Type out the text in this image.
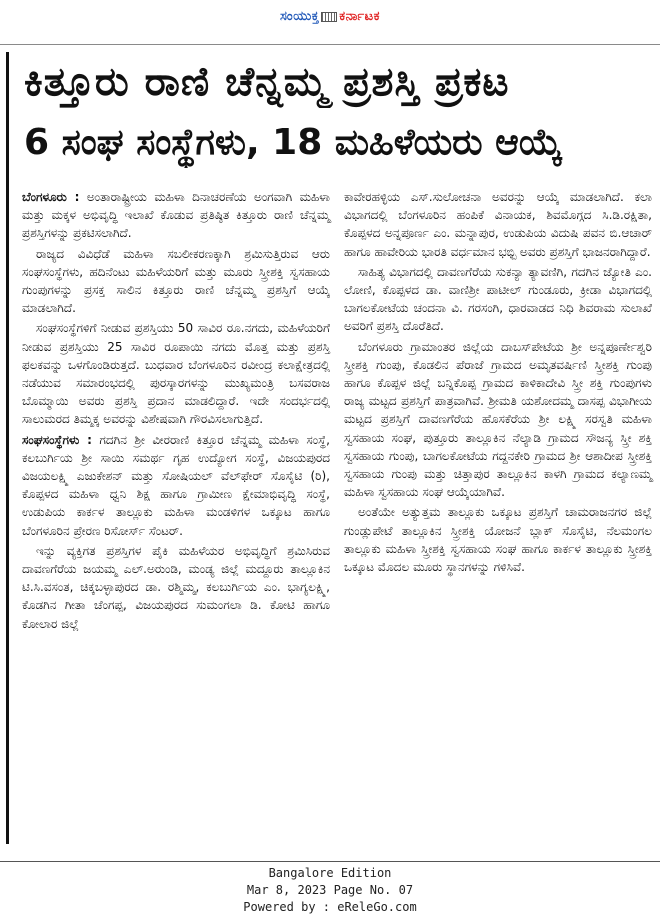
ಸಂಯುಕ್ತ ಕರ್ನಾಟಕ
ಕಿತ್ತೂರು ರಾಣಿ ಚೆನ್ನಮ್ಮ ಪ್ರಶಸ್ತಿ ಪ್ರಕಟ
6 ಸಂಘ ಸಂಸ್ಥೆಗಳು, 18 ಮಹಿಳೆಯರು ಆಯ್ಕೆ

ಬೆಂಗಳೂರು : ಅಂತಾರಾಷ್ಟ್ರೀಯ ಮಹಿಳಾ ದಿನಾಚರಣೆಯ ಅಂಗವಾಗಿ ಮಹಿಳಾ ಮತ್ತು ಮಕ್ಕಳ ಅಭಿವೃದ್ಧಿ ಇಲಾಖೆ ಕೊಡುವ ಪ್ರತಿಷ್ಠಿತ ಕಿತ್ತೂರು ರಾಣಿ ಚೆನ್ನಮ್ಮ ಪ್ರಶಸ್ತಿಗಳನ್ನು ಪ್ರಕಟಿಸಲಾಗಿದೆ.

ರಾಜ್ಯದ ವಿವಿಧೆಡೆ ಮಹಿಳಾ ಸಬಲೀಕರಣಕ್ಕಾಗಿ ಶ್ರಮಿಸುತ್ತಿರುವ ಆರು ಸಂಘಸಂಸ್ಥೆಗಳು, ಹದಿನೆಂಟು ಮಹಿಳೆಯರಿಗೆ ಮತ್ತು ಮೂರು ಸ್ತ್ರೀಶಕ್ತಿ ಸ್ವಸಹಾಯ ಗುಂಪುಗಳನ್ನು ಪ್ರಸಕ್ತ ಸಾಲಿನ ಕಿತ್ತೂರು ರಾಣಿ ಚೆನ್ನಮ್ಮ ಪ್ರಶಸ್ತಿಗೆ ಆಯ್ಕೆ ಮಾಡಲಾಗಿದೆ.

ಸಂಘಸಂಸ್ಥೆಗಳಿಗೆ ನೀಡುವ ಪ್ರಶಸ್ತಿಯು 50 ಸಾವಿರ ರೂ.ನಗದು, ಮಹಿಳೆಯರಿಗೆ ನೀಡುವ ಪ್ರಶಸ್ತಿಯು 25 ಸಾವಿರ ರೂಪಾಯಿ ನಗದು ಮೊತ್ತ ಮತ್ತು ಪ್ರಶಸ್ತಿ ಫಲಕವನ್ನು ಒಳಗೊಂಡಿರುತ್ತದೆ. ಬುಧವಾರ ಬೆಂಗಳೂರಿನ ರವೀಂದ್ರ ಕಲಾಕ್ಷೇತ್ರದಲ್ಲಿ ನಡೆಯುವ ಸಮಾರಂಭದಲ್ಲಿ ಪುರಸ್ಕಾರಗಳನ್ನು ಮುಖ್ಯಮಂತ್ರಿ ಬಸವರಾಜ ಬೊಮ್ಮಾಯಿ ಅವರು ಪ್ರಶಸ್ತಿ ಪ್ರದಾನ ಮಾಡಲಿದ್ದಾರೆ. ಇದೇ ಸಂದರ್ಭದಲ್ಲಿ ಸಾಲುಮರದ ತಿಮ್ಮಕ್ಕ ಅವರನ್ನು ವಿಶೇಷವಾಗಿ ಗೌರವಿಸಲಾಗುತ್ತಿದೆ.

ಸಂಘಸಂಸ್ಥೆಗಳು : ಗದಗಿನ ಶ್ರೀ ವೀರರಾಣಿ ಕಿತ್ತೂರ ಚೆನ್ನಮ್ಮ ಮಹಿಳಾ ಸಂಸ್ಥೆ, ಕಲಬುರ್ಗಿಯ ಶ್ರೀ ಸಾಯಿ ಸಮರ್ಥ ಗೃಹ ಉದ್ಯೋಗ ಸಂಸ್ಥೆ, ವಿಜಯಪುರದ ವಿಜಯಲಕ್ಷ್ಮಿ ಎಜುಕೇಶನ್ ಮತ್ತು ಸೋಷಿಯಲ್ ವೆಲ್‌ಫೇರ್ ಸೊಸೈಟಿ (ರಿ), ಕೊಪ್ಪಳದ ಮಹಿಳಾ ಧ್ವನಿ ಶಿಕ್ಷ ಹಾಗೂ ಗ್ರಾಮೀಣ ಕ್ಷೇಮಾಭಿವೃದ್ಧಿ ಸಂಸ್ಥೆ, ಉಡುಪಿಯ ಕಾರ್ಕಳ ತಾಲ್ಲೂಕು ಮಹಿಳಾ ಮಂಡಳಿಗಳ ಒಕ್ಕೂಟ ಹಾಗೂ ಬೆಂಗಳೂರಿನ ಪ್ರೇರಣ ರಿಸೋರ್ಸ್ ಸೆಂಟರ್.

ಇನ್ನು ವ್ಯಕ್ತಿಗತ ಪ್ರಶಸ್ತಿಗಳ ಪೈಕಿ ಮಹಿಳೆಯರ ಅಭಿವೃದ್ಧಿಗೆ ಶ್ರಮಿಸಿರುವ ದಾವಣಗೆರೆಯ ಜಯಮ್ಮ ಎಲ್.ಅರುಂಡಿ, ಮಂಡ್ಯ ಜಿಲ್ಲೆ ಮದ್ದೂರು ತಾಲ್ಲೂಕಿನ ಟಿ.ಸಿ.ವಸಂತ, ಚಿಕ್ಕಬಳ್ಳಾಪುರದ ಡಾ. ರಶ್ಮಿಮ್ಮ, ಕಲಬುರ್ಗಿಯ ಎಂ. ಭಾಗ್ಯಲಕ್ಷ್ಮಿ, ಕೊಡಗಿನ ಗೀತಾ ಚೆಂಗಪ್ಪ, ವಿಜಯಪುರದ ಸುಮಂಗಲಾ ಡಿ. ಕೋಟಿ ಹಾಗೂ ಕೋಲಾರ ಜಿಲ್ಲೆ

ಕಾವೇರಹಳ್ಳಿಯ ಎಸ್.ಸುಲೋಚನಾ ಅವರನ್ನು ಆಯ್ಕೆ ಮಾಡಲಾಗಿದೆ. ಕಲಾ ವಿಭಾಗದಲ್ಲಿ ಬೆಂಗಳೂರಿನ ಹಂಪಿಕೆ ವಿನಾಯಕ, ಶಿವಮೊಗ್ಗದ ಸಿ.ಡಿ.ರಕ್ಷಿತಾ, ಕೊಪ್ಪಳದ ಅನ್ನಪೂರ್ಣ ಎಂ. ಮನ್ನಾಪುರ, ಉಡುಪಿಯ ವಿದುಷಿ ಪವನ ಬಿ.ಆಚಾರ್ ಹಾಗೂ ಹಾವೇರಿಯ ಭಾರತಿ ವರ್ಧಮಾನ ಭಭ್ಬಿ ಅವರು ಪ್ರಶಸ್ತಿಗೆ ಭಾಜನರಾಗಿದ್ದಾರೆ.

ಸಾಹಿತ್ಯ ವಿಭಾಗದಲ್ಲಿ ದಾವಣಗೆರೆಯ ಸುಕನ್ಯಾ ತ್ಯಾವಣಿಗಿ, ಗದಗಿನ ಜ್ಯೋತಿ ಎಂ. ಲೋಣಿ, ಕೊಪ್ಪಳದ ಡಾ. ವಾಣಿಶ್ರೀ ಪಾಟೀಲ್ ಗುಂಡೂರು, ಕ್ರೀಡಾ ವಿಭಾಗದಲ್ಲಿ ಬಾಗಲಕೋಟೆಯ ಚಂದನಾ ವಿ. ಗರಸಂಗಿ, ಧಾರವಾಡದ ನಿಧಿ ಶಿವರಾಮ ಸುಲಾಖೆ ಅವರಿಗೆ ಪ್ರಶಸ್ತಿ ದೊರೆತಿದೆ.

ಬೆಂಗಳೂರು ಗ್ರಾಮಾಂತರ ಜಿಲ್ಲೆಯ ದಾಬಸ್‌ಪೇಟೆಯ ಶ್ರೀ ಅನ್ನಪೂರ್ಣೇಶ್ವರಿ ಸ್ತ್ರೀಶಕ್ತಿ ಗುಂಪು, ಕೊಡಲಿನ ಪೆರಾಜೆ ಗ್ರಾಮದ ಅಮೃತವರ್ಷಿಣಿ ಸ್ತ್ರೀಶಕ್ತಿ ಗುಂಪು ಹಾಗೂ ಕೊಪ್ಪಳ ಜಿಲ್ಲೆ ಬನ್ನಿಕೊಪ್ಪ ಗ್ರಾಮದ ಕಾಳಿಕಾದೇವಿ ಸ್ತ್ರೀ ಶಕ್ತಿ ಗುಂಪುಗಳು ರಾಜ್ಯ ಮಟ್ಟದ ಪ್ರಶಸ್ತಿಗೆ ಪಾತ್ರವಾಗಿವೆ. ಶ್ರೀಮತಿ ಯಶೋದಮ್ಮ ದಾಸಪ್ಪ ವಿಭಾಗೀಯ ಮಟ್ಟದ ಪ್ರಶಸ್ತಿಗೆ ದಾವಣಗೆರೆಯ ಹೊಸಕೆರೆಯ ಶ್ರೀ ಲಕ್ಷ್ಮಿ ಸರಸ್ವತಿ ಮಹಿಳಾ ಸ್ವಸಹಾಯ ಸಂಘ, ಪುತ್ತೂರು ತಾಲ್ಲೂಕಿನ ನೆಲ್ಯಾಡಿ ಗ್ರಾಮದ ಸೌಜನ್ಯ ಸ್ತ್ರೀ ಶಕ್ತಿ ಸ್ವಸಹಾಯ ಗುಂಪು, ಬಾಗಲಕೋಟೆಯ ಗದ್ದನಕೇರಿ ಗ್ರಾಮದ ಶ್ರೀ ಆಶಾದೀಪ ಸ್ತ್ರೀಶಕ್ತಿ ಸ್ವಸಹಾಯ ಗುಂಪು ಮತ್ತು ಚಿತ್ತಾಪುರ ತಾಲ್ಲೂಕಿನ ಕಾಳಗಿ ಗ್ರಾಮದ ಕಲ್ಯಾಣಮ್ಮ ಮಹಿಳಾ ಸ್ವಸಹಾಯ ಸಂಘ ಆಯ್ಕೆಯಾಗಿವೆ.

ಅಂತೆಯೇ ಅತ್ಯುತ್ತಮ ತಾಲ್ಲೂಕು ಒಕ್ಕೂಟ ಪ್ರಶಸ್ತಿಗೆ ಚಾಮರಾಜನಗರ ಜಿಲ್ಲೆ ಗುಂಡ್ಲುಪೇಟೆ ತಾಲ್ಲೂಕಿನ ಸ್ತ್ರೀಶಕ್ತಿ ಯೋಜನೆ ಬ್ಲಾಕ್ ಸೊಸೈಟಿ, ನೆಲಮಂಗಲ ತಾಲ್ಲೂಕು ಮಹಿಳಾ ಸ್ತ್ರೀಶಕ್ತಿ ಸ್ವಸಹಾಯ ಸಂಘ ಹಾಗೂ ಕಾರ್ಕಳ ತಾಲ್ಲೂಕು ಸ್ತ್ರೀಶಕ್ತಿ ಒಕ್ಕೂಟ ಮೊದಲ ಮೂರು ಸ್ಥಾನಗಳನ್ನು ಗಳಿಸಿವೆ.

Bangalore Edition
Mar 8, 2023 Page No. 07
Powered by : eReleGo.com
